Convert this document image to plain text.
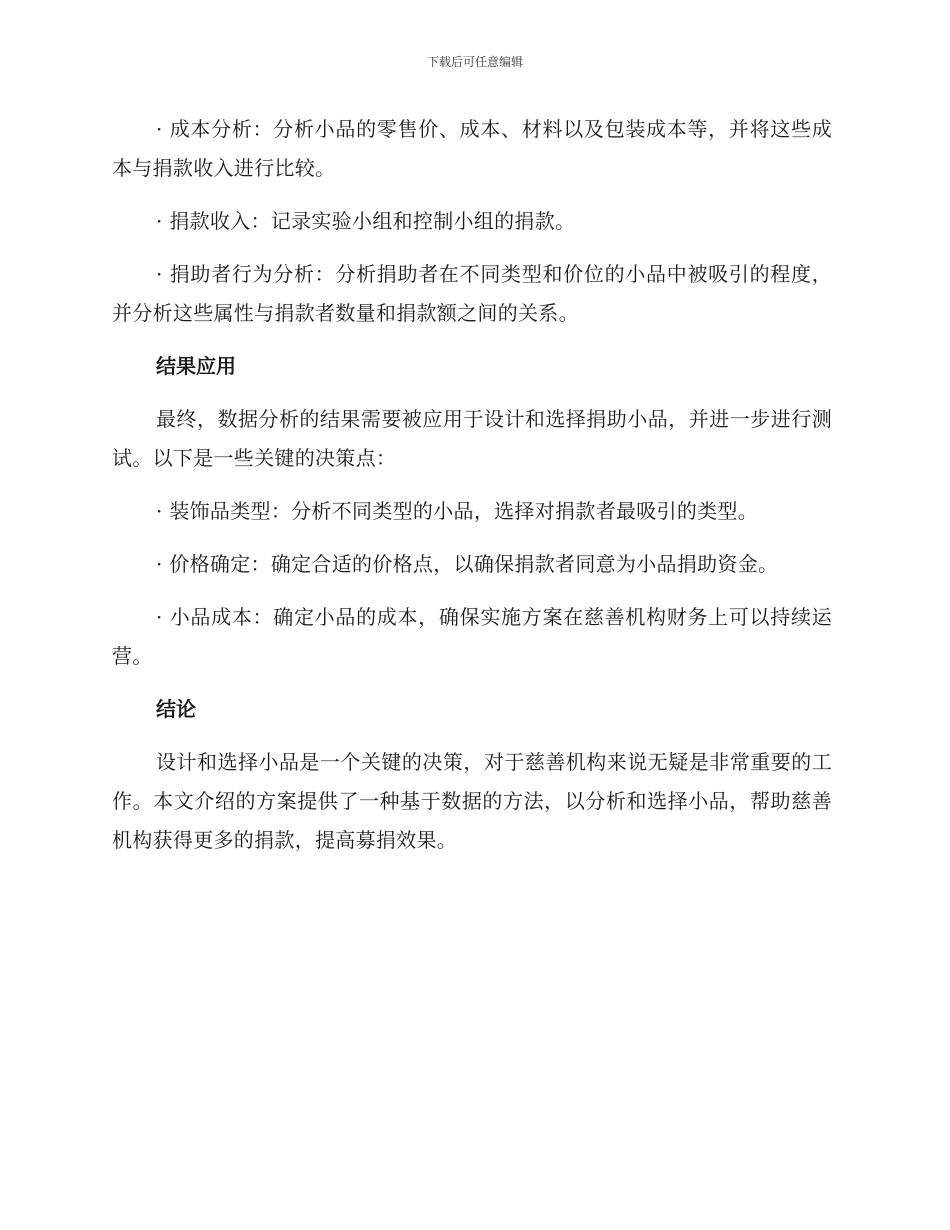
下载后可任意编辑

· 成本分析：分析小品的零售价、成本、材料以及包装成本等，并将这些成本与捐款收入进行比较。

· 捐款收入：记录实验小组和控制小组的捐款。

· 捐助者行为分析：分析捐助者在不同类型和价位的小品中被吸引的程度，并分析这些属性与捐款者数量和捐款额之间的关系。

结果应用

最终，数据分析的结果需要被应用于设计和选择捐助小品，并进一步进行测试。以下是一些关键的决策点：

· 装饰品类型：分析不同类型的小品，选择对捐款者最吸引的类型。

· 价格确定：确定合适的价格点，以确保捐款者同意为小品捐助资金。

· 小品成本：确定小品的成本，确保实施方案在慈善机构财务上可以持续运营。

结论

设计和选择小品是一个关键的决策，对于慈善机构来说无疑是非常重要的工作。本文介绍的方案提供了一种基于数据的方法，以分析和选择小品，帮助慈善机构获得更多的捐款，提高募捐效果。
